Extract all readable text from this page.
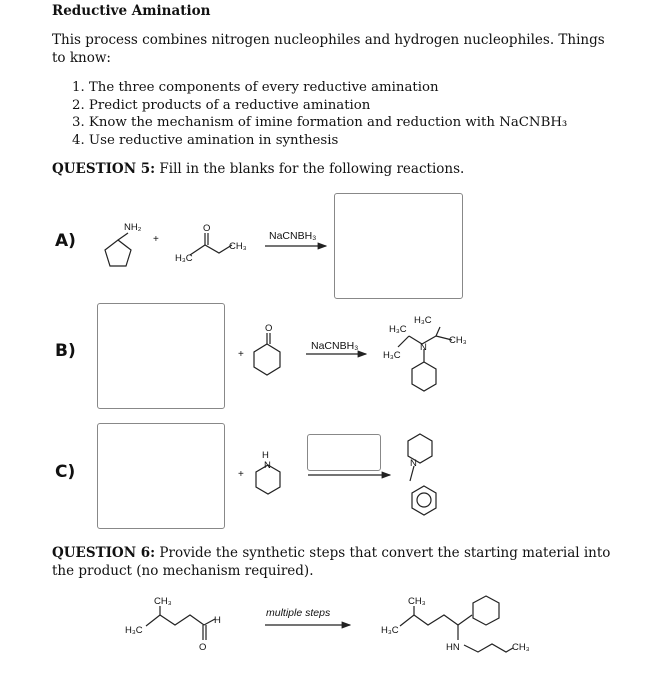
Reductive Amination
This process combines nitrogen nucleophiles and hydrogen nucleophiles. Things to know:
1. The three components of every reductive amination
2. Predict products of a reductive amination
3. Know the mechanism of imine formation and reduction with NaCNBH₃
4. Use reductive amination in synthesis
QUESTION 5: Fill in the blanks for the following reactions.
A)
B)
C)
NaCNBH₃
NaCNBH₃
multiple steps
NH₂
+
O
H₃C
CH₃
+
O	H₃C
H₃C
CH₃
N
H₃C
+
H
N	N
CH₃
H₃C
H
O
CH₃
H₃C
HN	CH₃
QUESTION 6: Provide the synthetic steps that convert the starting material into the product (no mechanism required).
